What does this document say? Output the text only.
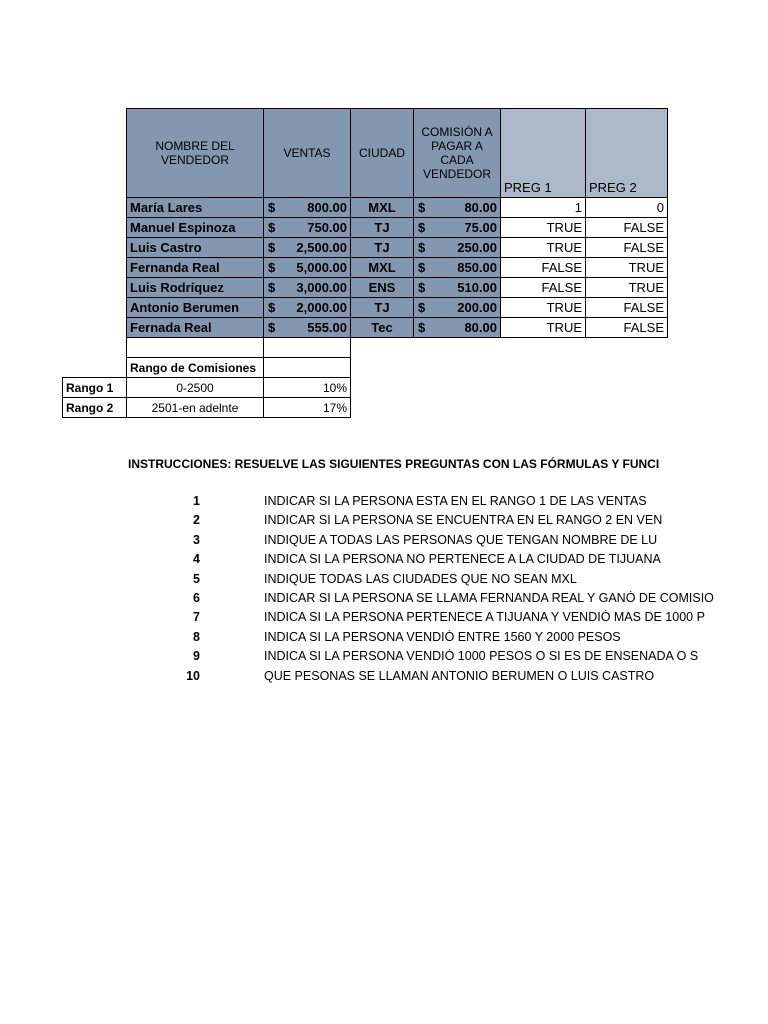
NOMBRE DEL VENDEDOR	VENTAS	CIUDAD	COMISIÓN A PAGAR A CADA VENDEDOR	PREG 1	PREG 2
María Lares	$ 800.00	MXL	$ 80.00	1	0
Manuel Espinoza	$ 750.00	TJ	$ 75.00	TRUE	FALSE
Luis Castro	$ 2,500.00	TJ	$ 250.00	TRUE	FALSE
Fernanda Real	$ 5,000.00	MXL	$ 850.00	FALSE	TRUE
Luis Rodríquez	$ 3,000.00	ENS	$ 510.00	FALSE	TRUE
Antonio Berumen	$ 2,000.00	TJ	$ 200.00	TRUE	FALSE
Fernada Real	$ 555.00	Tec	$ 80.00	TRUE	FALSE

	Rango de Comisiones	
Rango 1	0-2500	10%
Rango 2	2501-en adelnte	17%
INSTRUCCIONES: RESUELVE LAS SIGUIENTES PREGUNTAS CON LAS FÓRMULAS Y FUNCI
1	INDICAR SI LA PERSONA ESTA EN EL RANGO 1 DE LAS VENTAS
2	INDICAR SI LA PERSONA SE ENCUENTRA EN EL RANGO 2 EN VEN
3	INDIQUE A TODAS LAS PERSONAS QUE TENGAN NOMBRE DE LU
4	INDICA SI LA PERSONA NO PERTENECE A LA CIUDAD DE TIJUANA
5	INDIQUE TODAS LAS CIUDADES QUE NO SEAN MXL
6	INDICAR SI LA PERSONA SE LLAMA FERNANDA REAL Y GANÓ DE COMISIO
7	INDICA SI LA PERSONA PERTENECE A TIJUANA Y VENDIÓ MAS DE 1000 P
8	INDICA SI LA PERSONA VENDIÓ ENTRE 1560 Y 2000 PESOS
9	INDICA SI LA PERSONA VENDIÓ 1000 PESOS O SI ES DE ENSENADA O S
10	QUE PESONAS SE LLAMAN ANTONIO BERUMEN O LUIS CASTRO
